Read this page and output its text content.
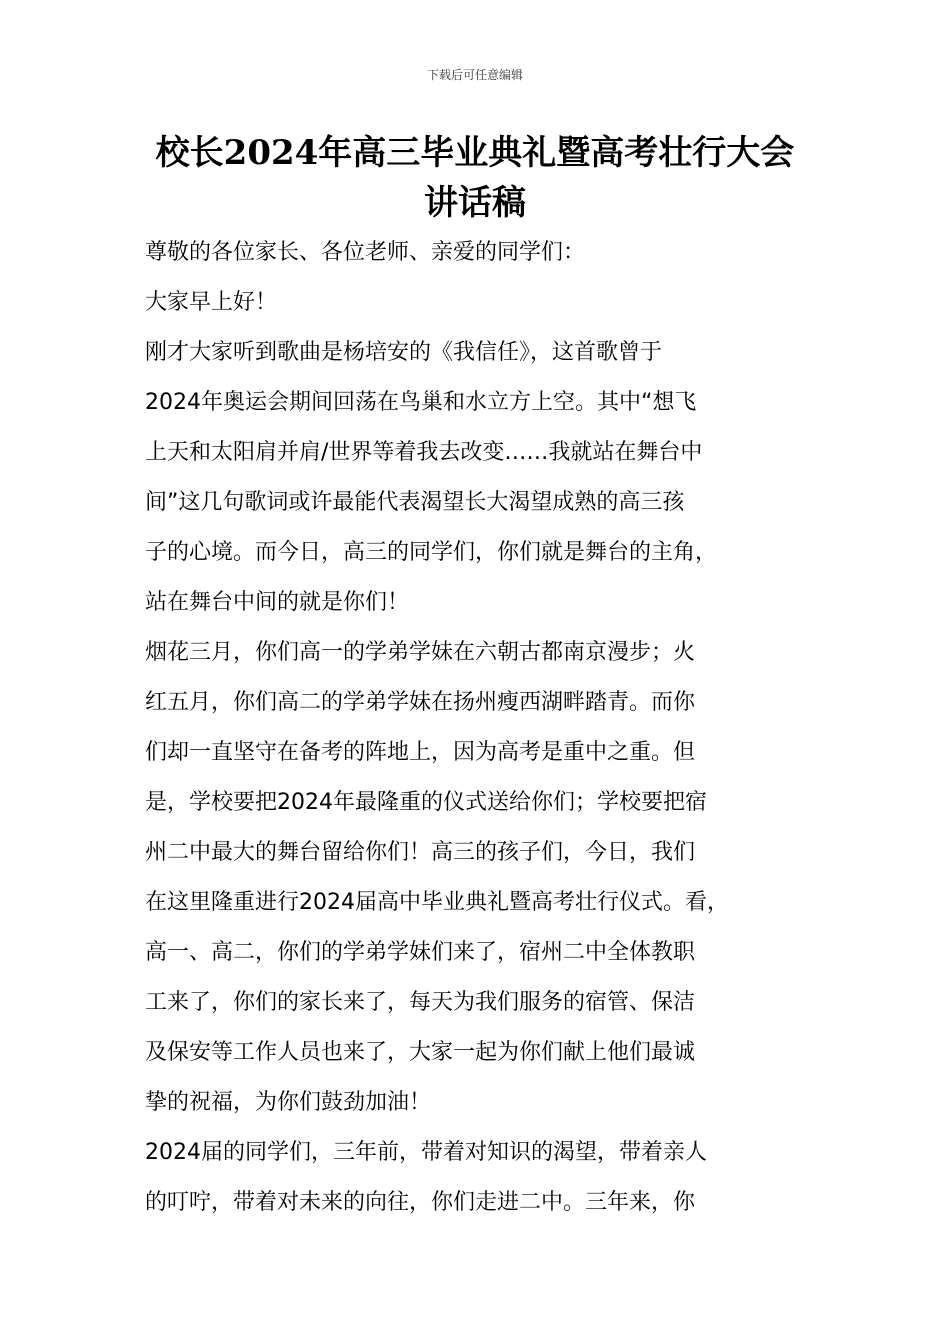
下载后可任意编辑
校长2024年高三毕业典礼暨高考壮行大会
讲话稿
尊敬的各位家长、各位老师、亲爱的同学们：
大家早上好！
刚才大家听到歌曲是杨培安的《我信任》，这首歌曾于
2024年奥运会期间回荡在鸟巢和水立方上空。其中“想飞
上天和太阳肩并肩/世界等着我去改变……我就站在舞台中
间”这几句歌词或许最能代表渴望长大渴望成熟的高三孩
子的心境。而今日，高三的同学们，你们就是舞台的主角，
站在舞台中间的就是你们！
烟花三月，你们高一的学弟学妹在六朝古都南京漫步；火
红五月，你们高二的学弟学妹在扬州瘦西湖畔踏青。而你
们却一直坚守在备考的阵地上，因为高考是重中之重。但
是，学校要把2024年最隆重的仪式送给你们；学校要把宿
州二中最大的舞台留给你们！高三的孩子们，今日，我们
在这里隆重进行2024届高中毕业典礼暨高考壮行仪式。看，
高一、高二，你们的学弟学妹们来了，宿州二中全体教职
工来了，你们的家长来了，每天为我们服务的宿管、保洁
及保安等工作人员也来了，大家一起为你们献上他们最诚
挚的祝福，为你们鼓劲加油！
2024届的同学们，三年前，带着对知识的渴望，带着亲人
的叮咛，带着对未来的向往，你们走进二中。三年来，你
